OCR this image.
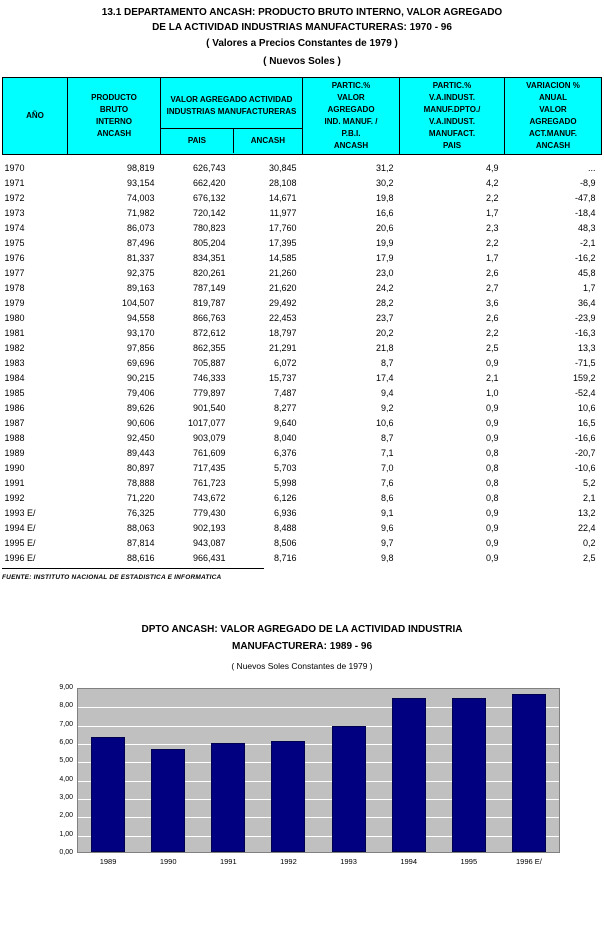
13.1 DEPARTAMENTO ANCASH: PRODUCTO BRUTO INTERNO, VALOR AGREGADO
DE LA ACTIVIDAD INDUSTRIAS MANUFACTURERAS: 1970 - 96
( Valores a Precios Constantes de 1979 )
( Nuevos Soles )
AÑO	
PRODUCTO
BRUTO
INTERNO
ANCASH

VALOR AGREGADO ACTIVIDAD
INDUSTRIAS MANUFACTURERAS
PAIS	ANCASH

PARTIC.%
VALOR
AGREGADO
IND. MANUF. /
P.B.I.
ANCASH

PARTIC.%
V.A.INDUST.
MANUF.DPTO./
V.A.INDUST.
MANUFACT.
PAIS

VARIACION %
ANUAL
VALOR
AGREGADO
ACT.MANUF.
ANCASH

1970	98,819	626,743	30,845	31,2	4,9	...
1971	93,154	662,420	28,108	30,2	4,2	-8,9
1972	74,003	676,132	14,671	19,8	2,2	-47,8
1973	71,982	720,142	11,977	16,6	1,7	-18,4
1974	86,073	780,823	17,760	20,6	2,3	48,3
1975	87,496	805,204	17,395	19,9	2,2	-2,1
1976	81,337	834,351	14,585	17,9	1,7	-16,2
1977	92,375	820,261	21,260	23,0	2,6	45,8
1978	89,163	787,149	21,620	24,2	2,7	1,7
1979	104,507	819,787	29,492	28,2	3,6	36,4
1980	94,558	866,763	22,453	23,7	2,6	-23,9
1981	93,170	872,612	18,797	20,2	2,2	-16,3
1982	97,856	862,355	21,291	21,8	2,5	13,3
1983	69,696	705,887	6,072	8,7	0,9	-71,5
1984	90,215	746,333	15,737	17,4	2,1	159,2
1985	79,406	779,897	7,487	9,4	1,0	-52,4
1986	89,626	901,540	8,277	9,2	0,9	10,6
1987	90,606	1017,077	9,640	10,6	0,9	16,5
1988	92,450	903,079	8,040	8,7	0,9	-16,6
1989	89,443	761,609	6,376	7,1	0,8	-20,7
1990	80,897	717,435	5,703	7,0	0,8	-10,6
1991	78,888	761,723	5,998	7,6	0,8	5,2
1992	71,220	743,672	6,126	8,6	0,8	2,1
1993 E/	76,325	779,430	6,936	9,1	0,9	13,2
1994 E/	88,063	902,193	8,488	9,6	0,9	22,4
1995 E/	87,814	943,087	8,506	9,7	0,9	0,2
1996 E/	88,616	966,431	8,716	9,8	0,9	2,5
FUENTE: INSTITUTO NACIONAL DE ESTADISTICA E INFORMATICA
DPTO ANCASH: VALOR AGREGADO DE LA ACTIVIDAD INDUSTRIA
MANUFACTURERA: 1989 - 96
( Nuevos Soles Constantes de 1979 )
9,00
8,00
7,00
6,00
5,00
4,00
3,00
2,00
1,00
0,00
1989	1990	1991	1992	1993	1994	1995	1996 E/
